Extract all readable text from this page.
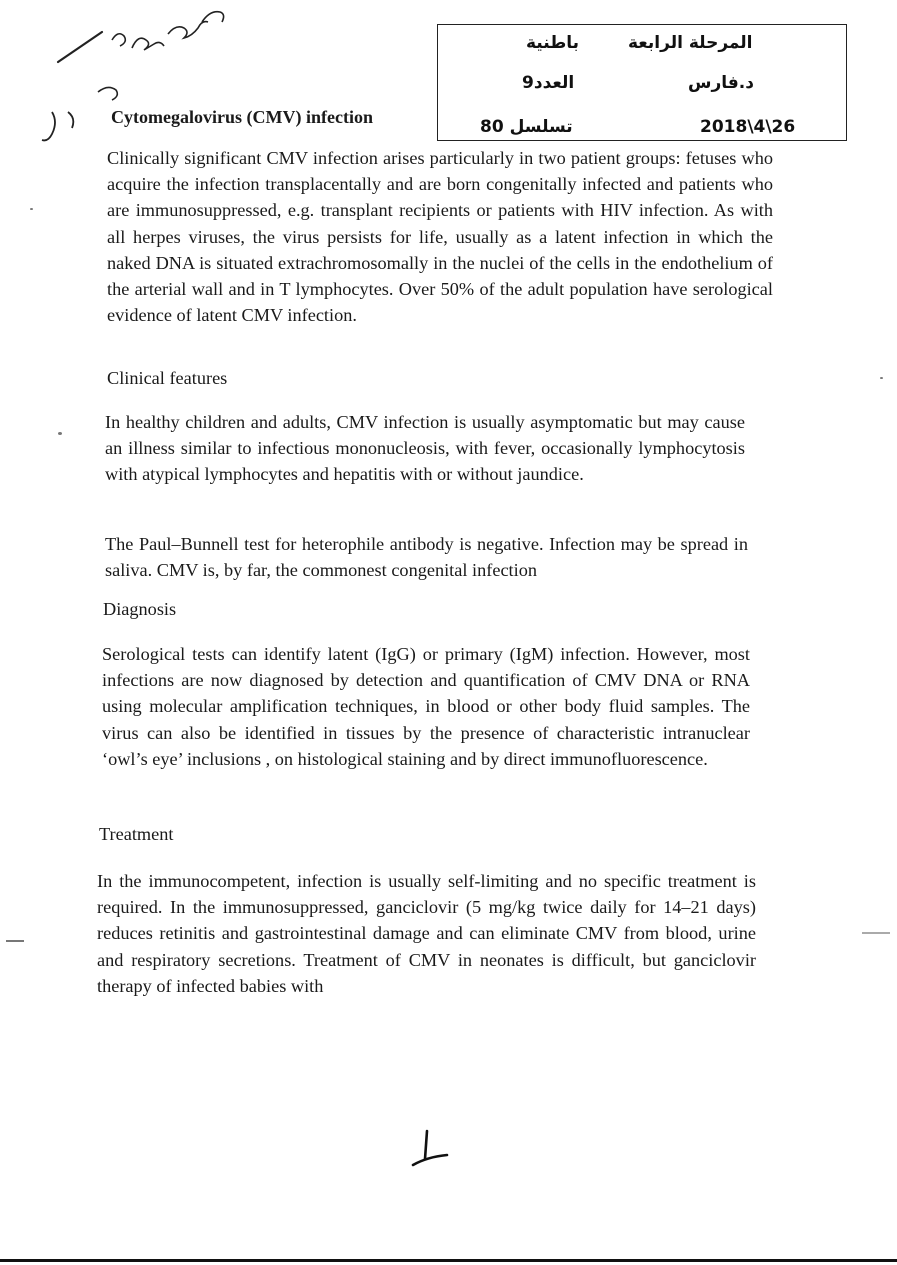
باطنية	المرحلة الرابعة
العدد9	د.فارس
تسلسل 80	2018\4\26
Cytomegalovirus (CMV) infection

Clinically significant CMV infection arises particularly in two patient groups: fetuses who acquire the infection transplacentally and are born congenitally infected and patients who are immunosuppressed, e.g. transplant recipients or patients with HIV infection. As with all herpes viruses, the virus persists for life, usually as a latent infection in which the naked DNA is situated extrachromosomally in the nuclei of the cells in the endothelium of the arterial wall and in T lymphocytes. Over 50% of the adult population have serological evidence of latent CMV infection.

Clinical features

In healthy children and adults, CMV infection is usually asymptomatic but may cause an illness similar to infectious mononucleosis, with fever, occasionally lymphocytosis with atypical lymphocytes and hepatitis with or without jaundice.

The Paul–Bunnell test for heterophile antibody is negative. Infection may be spread in saliva. CMV is, by far, the commonest congenital infection

Diagnosis

Serological tests can identify latent (IgG) or primary (IgM) infection. However, most infections are now diagnosed by detection and quantification of CMV DNA or RNA using molecular amplification techniques, in blood or other body fluid samples. The virus can also be identified in tissues by the presence of characteristic intranuclear ‘owl’s eye’ inclusions , on histological staining and by direct immunofluorescence.

Treatment

In the immunocompetent, infection is usually self-limiting and no specific treatment is required. In the immunosuppressed, ganciclovir (5 mg/kg twice daily for 14–21 days) reduces retinitis and gastrointestinal damage and can eliminate CMV from blood, urine and respiratory secretions. Treatment of CMV in neonates is difficult, but ganciclovir therapy of infected babies with
